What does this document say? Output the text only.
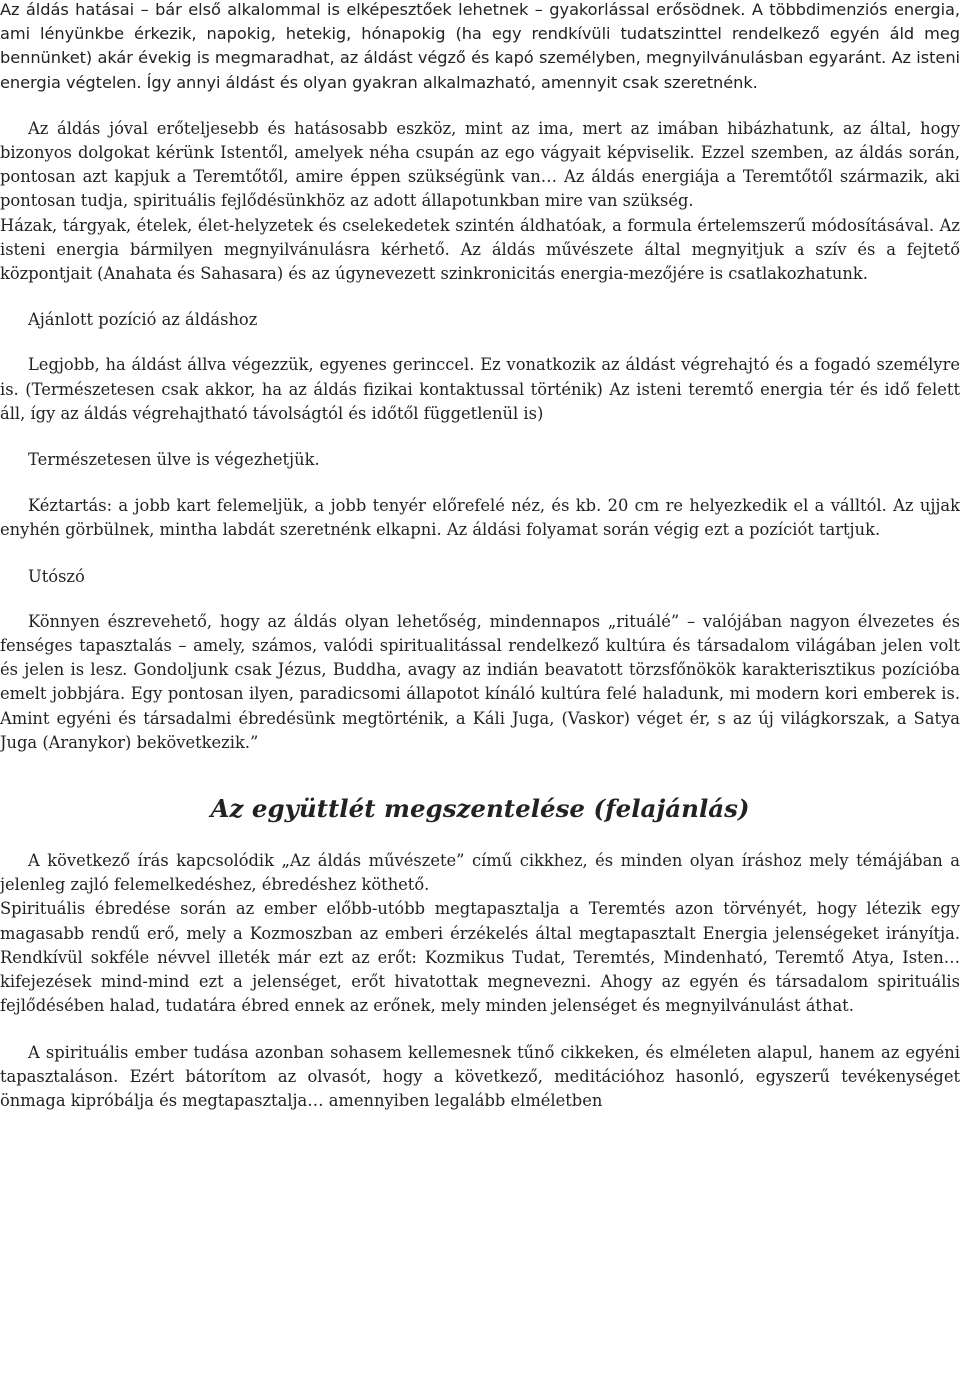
Az áldás hatásai – bár első alkalommal is elképesztőek lehetnek – gyakorlással erősödnek. A többdimenziós energia, ami lényünkbe érkezik, napokig, hetekig, hónapokig (ha egy rendkívüli tudatszinttel rendelkező egyén áld meg bennünket) akár évekig is megmaradhat, az áldást végző és kapó személyben, megnyilvánulásban egyaránt. Az isteni energia végtelen. Így annyi áldást és olyan gyakran alkalmazható, amennyit csak szeretnénk.

Az áldás jóval erőteljesebb és hatásosabb eszköz, mint az ima, mert az imában hibázhatunk, az által, hogy bizonyos dolgokat kérünk Istentől, amelyek néha csupán az ego vágyait képviselik. Ezzel szemben, az áldás során, pontosan azt kapjuk a Teremtőtől, amire éppen szükségünk van… Az áldás energiája a Teremtőtől származik, aki pontosan tudja, spirituális fejlődésünkhöz az adott állapotunkban mire van szükség.

Házak, tárgyak, ételek, élet-helyzetek és cselekedetek szintén áldhatóak, a formula értelemszerű módosításával. Az isteni energia bármilyen megnyilvánulásra kérhető. Az áldás művészete által megnyitjuk a szív és a fejtető központjait (Anahata és Sahasara) és az úgynevezett szinkronicitás energia-mezőjére is csatlakozhatunk.

Ajánlott pozíció az áldáshoz

Legjobb, ha áldást állva végezzük, egyenes gerinccel. Ez vonatkozik az áldást végrehajtó és a fogadó személyre is. (Természetesen csak akkor, ha az áldás fizikai kontaktussal történik) Az isteni teremtő energia tér és idő felett áll, így az áldás végrehajtható távolságtól és időtől függetlenül is)

Természetesen ülve is végezhetjük.

Kéztartás: a jobb kart felemeljük, a jobb tenyér előrefelé néz, és kb. 20 cm re helyezkedik el a válltól. Az ujjak enyhén görbülnek, mintha labdát szeretnénk elkapni. Az áldási folyamat során végig ezt a pozíciót tartjuk.

Utószó

Könnyen észrevehető, hogy az áldás olyan lehetőség, mindennapos „rituálé” – valójában nagyon élvezetes és fenséges tapasztalás – amely, számos, valódi spiritualitással rendelkező kultúra és társadalom világában jelen volt és jelen is lesz. Gondoljunk csak Jézus, Buddha, avagy az indián beavatott törzsfőnökök karakterisztikus pozícióba emelt jobbjára. Egy pontosan ilyen, paradicsomi állapotot kínáló kultúra felé haladunk, mi modern kori emberek is. Amint egyéni és társadalmi ébredésünk megtörténik, a Káli Juga, (Vaskor) véget ér, s az új világkorszak, a Satya Juga (Aranykor) bekövetkezik.”

Az együttlét megszentelése (felajánlás)

A következő írás kapcsolódik „Az áldás művészete” című cikkhez, és minden olyan íráshoz mely témájában a jelenleg zajló felemelkedéshez, ébredéshez köthető.

Spirituális ébredése során az ember előbb-utóbb megtapasztalja a Teremtés azon törvényét, hogy létezik egy magasabb rendű erő, mely a Kozmoszban az emberi érzékelés által megtapasztalt Energia jelenségeket irányítja. Rendkívül sokféle névvel illeték már ezt az erőt: Kozmikus Tudat, Teremtés, Mindenható, Teremtő Atya, Isten… kifejezések mind-mind ezt a jelenséget, erőt hivatottak megnevezni. Ahogy az egyén és társadalom spirituális fejlődésében halad, tudatára ébred ennek az erőnek, mely minden jelenséget és megnyilvánulást áthat.

A spirituális ember tudása azonban sohasem kellemesnek tűnő cikkeken, és elméleten alapul, hanem az egyéni tapasztaláson. Ezért bátorítom az olvasót, hogy a következő, meditációhoz hasonló, egyszerű tevékenységet önmaga kipróbálja és megtapasztalja… amennyiben legalább elméletben
